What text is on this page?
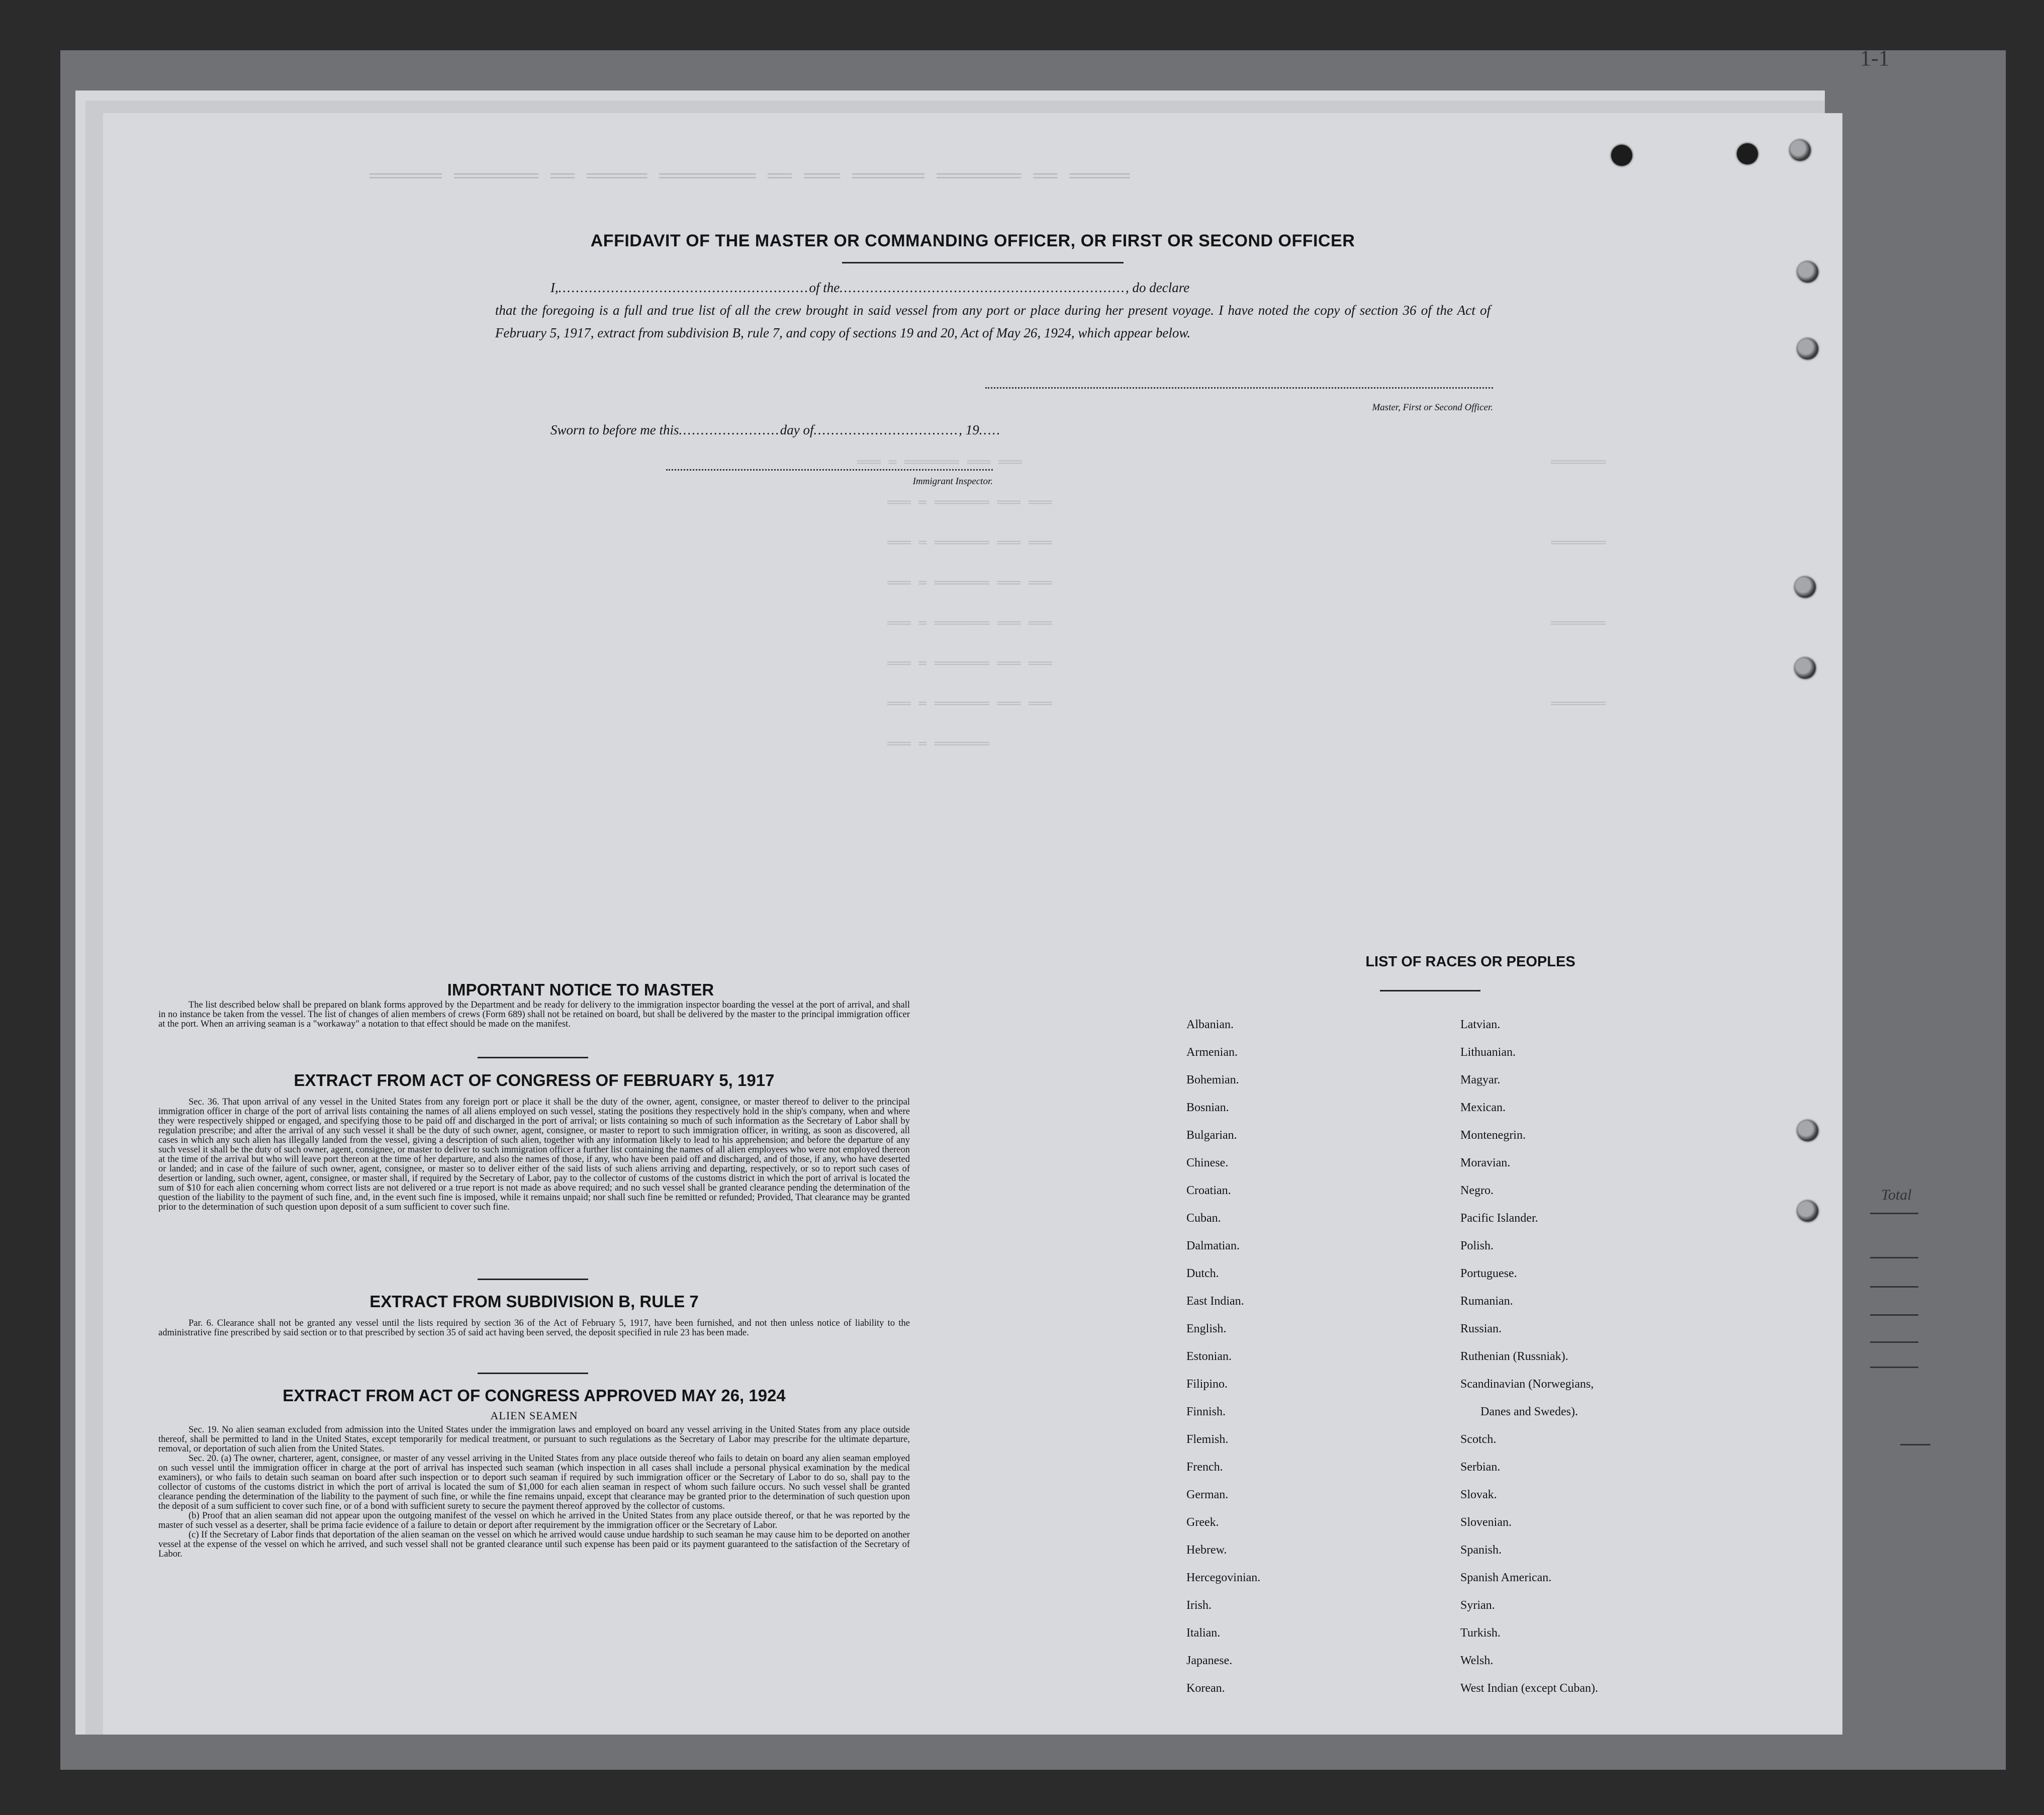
1-1
Total
══════ ═══════ ══ ═════ ════════ ══ ═══ ══════ ═══════ ══ ═════
═══ ═ ═══════ ═══ ═══
═══ ═ ═══════ ═══ ═══
═══ ═ ═══════ ═══ ═══
═══ ═ ═══════ ═══ ═══
═══ ═ ═══════ ═══ ═══
═══ ═ ═══════ ═══ ═══
═══ ═ ═══════ ═══ ═══
═══ ═ ═══════
═══════
═══════
═══════
═══════
AFFIDAVIT OF THE MASTER OR COMMANDING OFFICER, OR FIRST OR SECOND OFFICER
I,.........................................................of the................................................................., do declare
that the foregoing is a full and true list of all the crew brought in said vessel from any port or place during her present voyage. I have noted the copy of section 36 of the Act of February 5, 1917, extract from subdivision B, rule 7, and copy of sections 19 and 20, Act of May 26, 1924, which appear below.
Master, First or Second Officer.
Sworn to before me this.......................day of................................., 19.....
Immigrant Inspector.
IMPORTANT NOTICE TO MASTER
The list described below shall be prepared on blank forms approved by the Department and be ready for delivery to the immigration inspector boarding the vessel at the port of arrival, and shall in no instance be taken from the vessel. The list of changes of alien members of crews (Form 689) shall not be retained on board, but shall be delivered by the master to the principal immigration officer at the port. When an arriving seaman is a "workaway" a notation to that effect should be made on the manifest.
EXTRACT FROM ACT OF CONGRESS OF FEBRUARY 5, 1917
Sec. 36. That upon arrival of any vessel in the United States from any foreign port or place it shall be the duty of the owner, agent, consignee, or master thereof to deliver to the principal immigration officer in charge of the port of arrival lists containing the names of all aliens employed on such vessel, stating the positions they respectively hold in the ship's company, when and where they were respectively shipped or engaged, and specifying those to be paid off and discharged in the port of arrival; or lists containing so much of such information as the Secretary of Labor shall by regulation prescribe; and after the arrival of any such vessel it shall be the duty of such owner, agent, consignee, or master to report to such immigration officer, in writing, as soon as discovered, all cases in which any such alien has illegally landed from the vessel, giving a description of such alien, together with any information likely to lead to his apprehension; and before the departure of any such vessel it shall be the duty of such owner, agent, consignee, or master to deliver to such immigration officer a further list containing the names of all alien employees who were not employed thereon at the time of the arrival but who will leave port thereon at the time of her departure, and also the names of those, if any, who have been paid off and discharged, and of those, if any, who have deserted or landed; and in case of the failure of such owner, agent, consignee, or master so to deliver either of the said lists of such aliens arriving and departing, respectively, or so to report such cases of desertion or landing, such owner, agent, consignee, or master shall, if required by the Secretary of Labor, pay to the collector of customs of the customs district in which the port of arrival is located the sum of $10 for each alien concerning whom correct lists are not delivered or a true report is not made as above required; and no such vessel shall be granted clearance pending the determination of the question of the liability to the payment of such fine, and, in the event such fine is imposed, while it remains unpaid; nor shall such fine be remitted or refunded; Provided, That clearance may be granted prior to the determination of such question upon deposit of a sum sufficient to cover such fine.
EXTRACT FROM SUBDIVISION B, RULE 7
Par. 6. Clearance shall not be granted any vessel until the lists required by section 36 of the Act of February 5, 1917, have been furnished, and not then unless notice of liability to the administrative fine prescribed by said section or to that prescribed by section 35 of said act having been served, the deposit specified in rule 23 has been made.
EXTRACT FROM ACT OF CONGRESS APPROVED MAY 26, 1924
ALIEN SEAMEN
Sec. 19. No alien seaman excluded from admission into the United States under the immigration laws and employed on board any vessel arriving in the United States from any place outside thereof, shall be permitted to land in the United States, except temporarily for medical treatment, or pursuant to such regulations as the Secretary of Labor may prescribe for the ultimate departure, removal, or deportation of such alien from the United States.
Sec. 20. (a) The owner, charterer, agent, consignee, or master of any vessel arriving in the United States from any place outside thereof who fails to detain on board any alien seaman employed on such vessel until the immigration officer in charge at the port of arrival has inspected such seaman (which inspection in all cases shall include a personal physical examination by the medical examiners), or who fails to detain such seaman on board after such inspection or to deport such seaman if required by such immigration officer or the Secretary of Labor to do so, shall pay to the collector of customs of the customs district in which the port of arrival is located the sum of $1,000 for each alien seaman in respect of whom such failure occurs. No such vessel shall be granted clearance pending the determination of the liability to the payment of such fine, or while the fine remains unpaid, except that clearance may be granted prior to the determination of such question upon the deposit of a sum sufficient to cover such fine, or of a bond with sufficient surety to secure the payment thereof approved by the collector of customs.
(b) Proof that an alien seaman did not appear upon the outgoing manifest of the vessel on which he arrived in the United States from any place outside thereof, or that he was reported by the master of such vessel as a deserter, shall be prima facie evidence of a failure to detain or deport after requirement by the immigration officer or the Secretary of Labor.
(c) If the Secretary of Labor finds that deportation of the alien seaman on the vessel on which he arrived would cause undue hardship to such seaman he may cause him to be deported on another vessel at the expense of the vessel on which he arrived, and such vessel shall not be granted clearance until such expense has been paid or its payment guaranteed to the satisfaction of the Secretary of Labor.
LIST OF RACES OR PEOPLES
Albanian.
Armenian.
Bohemian.
Bosnian.
Bulgarian.
Chinese.
Croatian.
Cuban.
Dalmatian.
Dutch.
East Indian.
English.
Estonian.
Filipino.
Finnish.
Flemish.
French.
German.
Greek.
Hebrew.
Hercegovinian.
Irish.
Italian.
Japanese.
Korean.
Latvian.
Lithuanian.
Magyar.
Mexican.
Montenegrin.
Moravian.
Negro.
Pacific Islander.
Polish.
Portuguese.
Rumanian.
Russian.
Ruthenian (Russniak).
Scandinavian (Norwegians,
Danes and Swedes).
Scotch.
Serbian.
Slovak.
Slovenian.
Spanish.
Spanish American.
Syrian.
Turkish.
Welsh.
West Indian (except Cuban).
